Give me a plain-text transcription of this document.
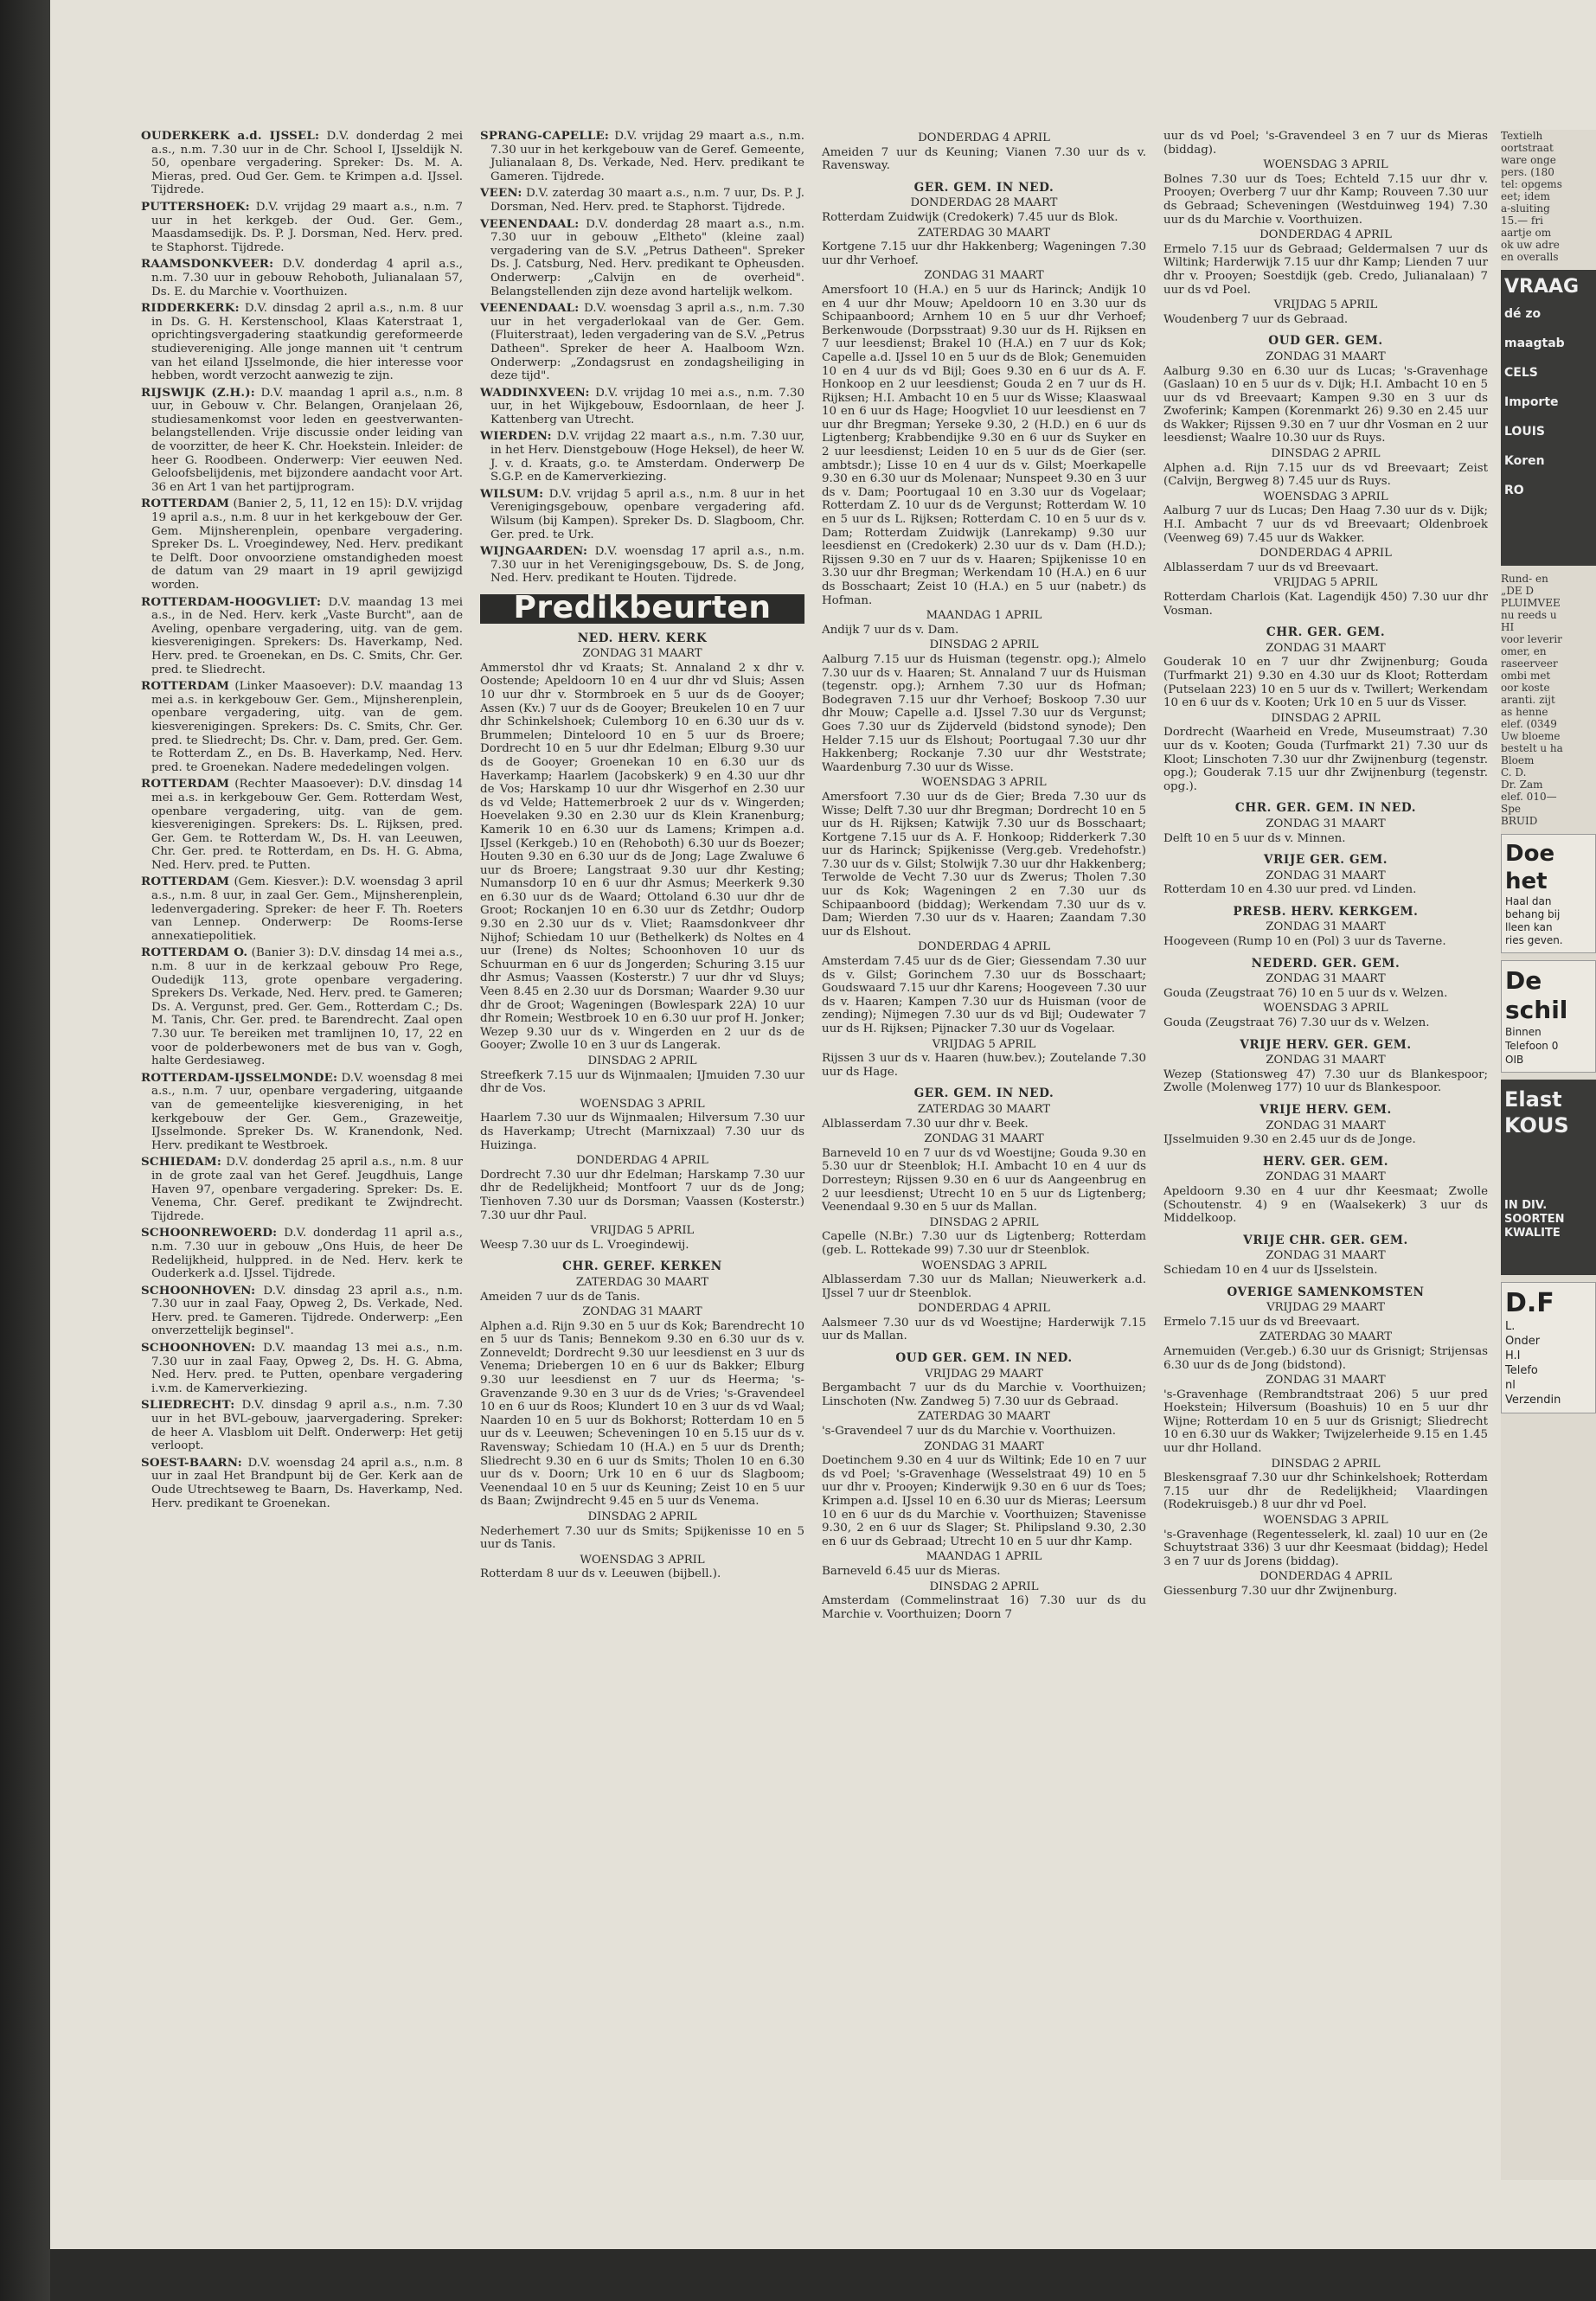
OUDERKERK a.d. IJSSEL: D.V. donderdag 2 mei a.s., n.m. 7.30 uur in de Chr. School I, IJsseldijk N. 50, openbare vergadering. Spreker: Ds. M. A. Mieras, pred. Oud Ger. Gem. te Krimpen a.d. IJssel. Tijdrede.
PUTTERSHOEK: D.V. vrijdag 29 maart a.s., n.m. 7 uur in het kerkgeb. der Oud. Ger. Gem., Maasdamsedijk. Ds. P. J. Dorsman, Ned. Herv. pred. te Staphorst. Tijdrede.
RAAMSDONKVEER: D.V. donderdag 4 april a.s., n.m. 7.30 uur in gebouw Rehoboth, Julianalaan 57, Ds. E. du Marchie v. Voorthuizen.
RIDDERKERK: D.V. dinsdag 2 april a.s., n.m. 8 uur in Ds. G. H. Kerstenschool, Klaas Katerstraat 1, oprichtingsvergadering staatkundig gereformeerde studievereniging. Alle jonge mannen uit 't centrum van het eiland IJsselmonde, die hier interesse voor hebben, wordt verzocht aanwezig te zijn.
RIJSWIJK (Z.H.): D.V. maandag 1 april a.s., n.m. 8 uur, in Gebouw v. Chr. Belangen, Oranjelaan 26, studiesamenkomst voor leden en geestverwanten-belangstellenden. Vrije discussie onder leiding van de voorzitter, de heer K. Chr. Hoekstein. Inleider: de heer G. Roodbeen. Onderwerp: Vier eeuwen Ned. Geloofsbelijdenis, met bijzondere aandacht voor Art. 36 en Art 1 van het partijprogram.
ROTTERDAM (Banier 2, 5, 11, 12 en 15): D.V. vrijdag 19 april a.s., n.m. 8 uur in het kerkgebouw der Ger. Gem. Mijnsherenplein, openbare vergadering. Spreker Ds. L. Vroegindewey, Ned. Herv. predikant te Delft. Door onvoorziene omstandigheden moest de datum van 29 maart in 19 april gewijzigd worden.
ROTTERDAM-HOOGVLIET: D.V. maandag 13 mei a.s., in de Ned. Herv. kerk „Vaste Burcht", aan de Aveling, openbare vergadering, uitg. van de gem. kiesverenigingen. Sprekers: Ds. Haverkamp, Ned. Herv. pred. te Groenekan, en Ds. C. Smits, Chr. Ger. pred. te Sliedrecht.
ROTTERDAM (Linker Maasoever): D.V. maandag 13 mei a.s. in kerkgebouw Ger. Gem., Mijnsherenplein, openbare vergadering, uitg. van de gem. kiesverenigingen. Sprekers: Ds. C. Smits, Chr. Ger. pred. te Sliedrecht; Ds. Chr. v. Dam, pred. Ger. Gem. te Rotterdam Z., en Ds. B. Haverkamp, Ned. Herv. pred. te Groenekan. Nadere mededelingen volgen.
ROTTERDAM (Rechter Maasoever): D.V. dinsdag 14 mei a.s. in kerkgebouw Ger. Gem. Rotterdam West, openbare vergadering, uitg. van de gem. kiesverenigingen. Sprekers: Ds. L. Rijksen, pred. Ger. Gem. te Rotterdam W., Ds. H. van Leeuwen, Chr. Ger. pred. te Rotterdam, en Ds. H. G. Abma, Ned. Herv. pred. te Putten.
ROTTERDAM (Gem. Kiesver.): D.V. woensdag 3 april a.s., n.m. 8 uur, in zaal Ger. Gem., Mijnsherenplein, ledenvergadering. Spreker: de heer F. Th. Roeters van Lennep. Onderwerp: De Rooms-Ierse annexatiepolitiek.
ROTTERDAM O. (Banier 3): D.V. dinsdag 14 mei a.s., n.m. 8 uur in de kerkzaal gebouw Pro Rege, Oudedijk 113, grote openbare vergadering. Sprekers Ds. Verkade, Ned. Herv. pred. te Gameren; Ds. A. Vergunst, pred. Ger. Gem., Rotterdam C.; Ds. M. Tanis, Chr. Ger. pred. te Barendrecht. Zaal open 7.30 uur. Te bereiken met tramlijnen 10, 17, 22 en voor de polderbewoners met de bus van v. Gogh, halte Gerdesiaweg.
ROTTERDAM-IJSSELMONDE: D.V. woensdag 8 mei a.s., n.m. 7 uur, openbare vergadering, uitgaande van de gemeentelijke kiesvereniging, in het kerkgebouw der Ger. Gem., Grazeweitje, IJsselmonde. Spreker Ds. W. Kranendonk, Ned. Herv. predikant te Westbroek.
SCHIEDAM: D.V. donderdag 25 april a.s., n.m. 8 uur in de grote zaal van het Geref. Jeugdhuis, Lange Haven 97, openbare vergadering. Spreker: Ds. E. Venema, Chr. Geref. predikant te Zwijndrecht. Tijdrede.
SCHOONREWOERD: D.V. donderdag 11 april a.s., n.m. 7.30 uur in gebouw „Ons Huis, de heer De Redelijkheid, hulppred. in de Ned. Herv. kerk te Ouderkerk a.d. IJssel. Tijdrede.
SCHOONHOVEN: D.V. dinsdag 23 april a.s., n.m. 7.30 uur in zaal Faay, Opweg 2, Ds. Verkade, Ned. Herv. pred. te Gameren. Tijdrede. Onderwerp: „Een onverzettelijk beginsel".
SCHOONHOVEN: D.V. maandag 13 mei a.s., n.m. 7.30 uur in zaal Faay, Opweg 2, Ds. H. G. Abma, Ned. Herv. pred. te Putten, openbare vergadering i.v.m. de Kamerverkiezing.
SLIEDRECHT: D.V. dinsdag 9 april a.s., n.m. 7.30 uur in het BVL-gebouw, jaarvergadering. Spreker: de heer A. Vlasblom uit Delft. Onderwerp: Het getij verloopt.
SOEST-BAARN: D.V. woensdag 24 april a.s., n.m. 8 uur in zaal Het Brandpunt bij de Ger. Kerk aan de Oude Utrechtseweg te Baarn, Ds. Haverkamp, Ned. Herv. predikant te Groenekan.
SPRANG-CAPELLE: D.V. vrijdag 29 maart a.s., n.m. 7.30 uur in het kerkgebouw van de Geref. Gemeente, Julianalaan 8, Ds. Verkade, Ned. Herv. predikant te Gameren. Tijdrede.
VEEN: D.V. zaterdag 30 maart a.s., n.m. 7 uur, Ds. P. J. Dorsman, Ned. Herv. pred. te Staphorst. Tijdrede.
VEENENDAAL: D.V. donderdag 28 maart a.s., n.m. 7.30 uur in gebouw „Eltheto" (kleine zaal) vergadering van de S.V. „Petrus Datheen". Spreker Ds. J. Catsburg, Ned. Herv. predikant te Opheusden. Onderwerp: „Calvijn en de overheid". Belangstellenden zijn deze avond hartelijk welkom.
VEENENDAAL: D.V. woensdag 3 april a.s., n.m. 7.30 uur in het vergaderlokaal van de Ger. Gem. (Fluiterstraat), leden vergadering van de S.V. „Petrus Datheen". Spreker de heer A. Haalboom Wzn. Onderwerp: „Zondagsrust en zondagsheiliging in deze tijd".
WADDINXVEEN: D.V. vrijdag 10 mei a.s., n.m. 7.30 uur, in het Wijkgebouw, Esdoornlaan, de heer J. Kattenberg van Utrecht.
WIERDEN: D.V. vrijdag 22 maart a.s., n.m. 7.30 uur, in het Herv. Dienstgebouw (Hoge Heksel), de heer W. J. v. d. Kraats, g.o. te Amsterdam. Onderwerp De S.G.P. en de Kamerverkiezing.
WILSUM: D.V. vrijdag 5 april a.s., n.m. 8 uur in het Verenigingsgebouw, openbare vergadering afd. Wilsum (bij Kampen). Spreker Ds. D. Slagboom, Chr. Ger. pred. te Urk.
WIJNGAARDEN: D.V. woensdag 17 april a.s., n.m. 7.30 uur in het Verenigingsgebouw, Ds. S. de Jong, Ned. Herv. predikant te Houten. Tijdrede.
Predikbeurten
NED. HERV. KERK
ZONDAG 31 MAART
Ammerstol dhr vd Kraats; St. Annaland 2 x dhr v. Oostende; Apeldoorn 10 en 4 uur dhr vd Sluis; Assen 10 uur dhr v. Stormbroek en 5 uur ds de Gooyer; Assen (Kv.) 7 uur ds de Gooyer; Breukelen 10 en 7 uur dhr Schinkelshoek; Culemborg 10 en 6.30 uur ds v. Brummelen; Dinteloord 10 en 5 uur ds Broere; Dordrecht 10 en 5 uur dhr Edelman; Elburg 9.30 uur ds de Gooyer; Groenekan 10 en 6.30 uur ds Haverkamp; Haarlem (Jacobskerk) 9 en 4.30 uur dhr de Vos; Harskamp 10 uur dhr Wisgerhof en 2.30 uur ds vd Velde; Hattemerbroek 2 uur ds v. Wingerden; Hoevelaken 9.30 en 2.30 uur ds Klein Kranenburg; Kamerik 10 en 6.30 uur ds Lamens; Krimpen a.d. IJssel (Kerkgeb.) 10 en (Rehoboth) 6.30 uur ds Boezer; Houten 9.30 en 6.30 uur ds de Jong; Lage Zwaluwe 6 uur ds Broere; Langstraat 9.30 uur dhr Kesting; Numansdorp 10 en 6 uur dhr Asmus; Meerkerk 9.30 en 6.30 uur ds de Waard; Ottoland 6.30 uur dhr de Groot; Rockanjen 10 en 6.30 uur ds Zetdhr; Oudorp 9.30 en 2.30 uur ds v. Vliet; Raamsdonkveer dhr Nijhof; Schiedam 10 uur (Bethelkerk) ds Noltes en 4 uur (Irene) ds Noltes; Schoonhoven 10 uur ds Schuurman en 6 uur ds Jongerden; Schuring 3.15 uur dhr Asmus; Vaassen (Kosterstr.) 7 uur dhr vd Sluys; Veen 8.45 en 2.30 uur ds Dorsman; Waarder 9.30 uur dhr de Groot; Wageningen (Bowlespark 22A) 10 uur dhr Romein; Westbroek 10 en 6.30 uur prof H. Jonker; Wezep 9.30 uur ds v. Wingerden en 2 uur ds de Gooyer; Zwolle 10 en 3 uur ds Langerak.
DINSDAG 2 APRIL
Streefkerk 7.15 uur ds Wijnmaalen; IJmuiden 7.30 uur dhr de Vos.
WOENSDAG 3 APRIL
Haarlem 7.30 uur ds Wijnmaalen; Hilversum 7.30 uur ds Haverkamp; Utrecht (Marnixzaal) 7.30 uur ds Huizinga.
DONDERDAG 4 APRIL
Dordrecht 7.30 uur dhr Edelman; Harskamp 7.30 uur dhr de Redelijkheid; Montfoort 7 uur ds de Jong; Tienhoven 7.30 uur ds Dorsman; Vaassen (Kosterstr.) 7.30 uur dhr Paul.
VRIJDAG 5 APRIL
Weesp 7.30 uur ds L. Vroegindewij.
CHR. GEREF. KERKEN
ZATERDAG 30 MAART
Ameiden 7 uur ds de Tanis.
ZONDAG 31 MAART
Alphen a.d. Rijn 9.30 en 5 uur ds Kok; Barendrecht 10 en 5 uur ds Tanis; Bennekom 9.30 en 6.30 uur ds v. Zonneveldt; Dordrecht 9.30 uur leesdienst en 3 uur ds Venema; Driebergen 10 en 6 uur ds Bakker; Elburg 9.30 uur leesdienst en 7 uur ds Heerma; 's-Gravenzande 9.30 en 3 uur ds de Vries; 's-Gravendeel 10 en 6 uur ds Roos; Klundert 10 en 3 uur ds vd Waal; Naarden 10 en 5 uur ds Bokhorst; Rotterdam 10 en 5 uur ds v. Leeuwen; Scheveningen 10 en 5.15 uur ds v. Ravensway; Schiedam 10 (H.A.) en 5 uur ds Drenth; Sliedrecht 9.30 en 6 uur ds Smits; Tholen 10 en 6.30 uur ds v. Doorn; Urk 10 en 6 uur ds Slagboom; Veenendaal 10 en 5 uur ds Keuning; Zeist 10 en 5 uur ds Baan; Zwijndrecht 9.45 en 5 uur ds Venema.
DINSDAG 2 APRIL
Nederhemert 7.30 uur ds Smits; Spijkenisse 10 en 5 uur ds Tanis.
WOENSDAG 3 APRIL
Rotterdam 8 uur ds v. Leeuwen (bijbell.).
DONDERDAG 4 APRIL
Ameiden 7 uur ds Keuning; Vianen 7.30 uur ds v. Ravensway.
GER. GEM. IN NED.
DONDERDAG 28 MAART
Rotterdam Zuidwijk (Credokerk) 7.45 uur ds Blok.
ZATERDAG 30 MAART
Kortgene 7.15 uur dhr Hakkenberg; Wageningen 7.30 uur dhr Verhoef.
ZONDAG 31 MAART
Amersfoort 10 (H.A.) en 5 uur ds Harinck; Andijk 10 en 4 uur dhr Mouw; Apeldoorn 10 en 3.30 uur ds Schipaanboord; Arnhem 10 en 5 uur dhr Verhoef; Berkenwoude (Dorpsstraat) 9.30 uur ds H. Rijksen en 7 uur leesdienst; Brakel 10 (H.A.) en 7 uur ds Kok; Capelle a.d. IJssel 10 en 5 uur ds de Blok; Genemuiden 10 en 4 uur ds vd Bijl; Goes 9.30 en 6 uur ds A. F. Honkoop en 2 uur leesdienst; Gouda 2 en 7 uur ds H. Rijksen; H.I. Ambacht 10 en 5 uur ds Wisse; Klaaswaal 10 en 6 uur ds Hage; Hoogvliet 10 uur leesdienst en 7 uur dhr Bregman; Yerseke 9.30, 2 (H.D.) en 6 uur ds Ligtenberg; Krabbendijke 9.30 en 6 uur ds Suyker en 2 uur leesdienst; Leiden 10 en 5 uur ds de Gier (ser. ambtsdr.); Lisse 10 en 4 uur ds v. Gilst; Moerkapelle 9.30 en 6.30 uur ds Molenaar; Nunspeet 9.30 en 3 uur ds v. Dam; Poortugaal 10 en 3.30 uur ds Vogelaar; Rotterdam Z. 10 uur ds de Vergunst; Rotterdam W. 10 en 5 uur ds L. Rijksen; Rotterdam C. 10 en 5 uur ds v. Dam; Rotterdam Zuidwijk (Lanrekamp) 9.30 uur leesdienst en (Credokerk) 2.30 uur ds v. Dam (H.D.); Rijssen 9.30 en 7 uur ds v. Haaren; Spijkenisse 10 en 3.30 uur dhr Bregman; Werkendam 10 (H.A.) en 6 uur ds Bosschaart; Zeist 10 (H.A.) en 5 uur (nabetr.) ds Hofman.
MAANDAG 1 APRIL
Andijk 7 uur ds v. Dam.
DINSDAG 2 APRIL
Aalburg 7.15 uur ds Huisman (tegenstr. opg.); Almelo 7.30 uur ds v. Haaren; St. Annaland 7 uur ds Huisman (tegenstr. opg.); Arnhem 7.30 uur ds Hofman; Bodegraven 7.15 uur dhr Verhoef; Boskoop 7.30 uur dhr Mouw; Capelle a.d. IJssel 7.30 uur ds Vergunst; Goes 7.30 uur ds Zijderveld (bidstond synode); Den Helder 7.15 uur ds Elshout; Poortugaal 7.30 uur dhr Hakkenberg; Rockanje 7.30 uur dhr Weststrate; Waardenburg 7.30 uur ds Wisse.
WOENSDAG 3 APRIL
Amersfoort 7.30 uur ds de Gier; Breda 7.30 uur ds Wisse; Delft 7.30 uur dhr Bregman; Dordrecht 10 en 5 uur ds H. Rijksen; Katwijk 7.30 uur ds Bosschaart; Kortgene 7.15 uur ds A. F. Honkoop; Ridderkerk 7.30 uur ds Harinck; Spijkenisse (Verg.geb. Vredehofstr.) 7.30 uur ds v. Gilst; Stolwijk 7.30 uur dhr Hakkenberg; Terwolde de Vecht 7.30 uur ds Zwerus; Tholen 7.30 uur ds Kok; Wageningen 2 en 7.30 uur ds Schipaanboord (biddag); Werkendam 7.30 uur ds v. Dam; Wierden 7.30 uur ds v. Haaren; Zaandam 7.30 uur ds Elshout.
DONDERDAG 4 APRIL
Amsterdam 7.45 uur ds de Gier; Giessendam 7.30 uur ds v. Gilst; Gorinchem 7.30 uur ds Bosschaart; Goudswaard 7.15 uur dhr Karens; Hoogeveen 7.30 uur ds v. Haaren; Kampen 7.30 uur ds Huisman (voor de zending); Nijmegen 7.30 uur ds vd Bijl; Oudewater 7 uur ds H. Rijksen; Pijnacker 7.30 uur ds Vogelaar.
VRIJDAG 5 APRIL
Rijssen 3 uur ds v. Haaren (huw.bev.); Zoutelande 7.30 uur ds Hage.
GER. GEM. IN NED.
ZATERDAG 30 MAART
Alblasserdam 7.30 uur dhr v. Beek.
ZONDAG 31 MAART
Barneveld 10 en 7 uur ds vd Woestijne; Gouda 9.30 en 5.30 uur dr Steenblok; H.I. Ambacht 10 en 4 uur ds Dorresteyn; Rijssen 9.30 en 6 uur ds Aangeenbrug en 2 uur leesdienst; Utrecht 10 en 5 uur ds Ligtenberg; Veenendaal 9.30 en 5 uur ds Mallan.
DINSDAG 2 APRIL
Capelle (N.Br.) 7.30 uur ds Ligtenberg; Rotterdam (geb. L. Rottekade 99) 7.30 uur dr Steenblok.
WOENSDAG 3 APRIL
Alblasserdam 7.30 uur ds Mallan; Nieuwerkerk a.d. IJssel 7 uur dr Steenblok.
DONDERDAG 4 APRIL
Aalsmeer 7.30 uur ds vd Woestijne; Harderwijk 7.15 uur ds Mallan.
OUD GER. GEM. IN NED.
VRIJDAG 29 MAART
Bergambacht 7 uur ds du Marchie v. Voorthuizen; Linschoten (Nw. Zandweg 5) 7.30 uur ds Gebraad.
ZATERDAG 30 MAART
's-Gravendeel 7 uur ds du Marchie v. Voorthuizen.
ZONDAG 31 MAART
Doetinchem 9.30 en 4 uur ds Wiltink; Ede 10 en 7 uur ds vd Poel; 's-Gravenhage (Wesselstraat 49) 10 en 5 uur dhr v. Prooyen; Kinderwijk 9.30 en 6 uur ds Toes; Krimpen a.d. IJssel 10 en 6.30 uur ds Mieras; Leersum 10 en 6 uur ds du Marchie v. Voorthuizen; Stavenisse 9.30, 2 en 6 uur ds Slager; St. Philipsland 9.30, 2.30 en 6 uur ds Gebraad; Utrecht 10 en 5 uur dhr Kamp.
MAANDAG 1 APRIL
Barneveld 6.45 uur ds Mieras.
DINSDAG 2 APRIL
Amsterdam (Commelinstraat 16) 7.30 uur ds du Marchie v. Voorthuizen; Doorn 7
uur ds vd Poel; 's-Gravendeel 3 en 7 uur ds Mieras (biddag).
WOENSDAG 3 APRIL
Bolnes 7.30 uur ds Toes; Echteld 7.15 uur dhr v. Prooyen; Overberg 7 uur dhr Kamp; Rouveen 7.30 uur ds Gebraad; Scheveningen (Westduinweg 194) 7.30 uur ds du Marchie v. Voorthuizen.
DONDERDAG 4 APRIL
Ermelo 7.15 uur ds Gebraad; Geldermalsen 7 uur ds Wiltink; Harderwijk 7.15 uur dhr Kamp; Lienden 7 uur dhr v. Prooyen; Soestdijk (geb. Credo, Julianalaan) 7 uur ds vd Poel.
VRIJDAG 5 APRIL
Woudenberg 7 uur ds Gebraad.
OUD GER. GEM.
ZONDAG 31 MAART
Aalburg 9.30 en 6.30 uur ds Lucas; 's-Gravenhage (Gaslaan) 10 en 5 uur ds v. Dijk; H.I. Ambacht 10 en 5 uur ds vd Breevaart; Kampen 9.30 en 3 uur ds Zwoferink; Kampen (Korenmarkt 26) 9.30 en 2.45 uur ds Wakker; Rijssen 9.30 en 7 uur dhr Vosman en 2 uur leesdienst; Waalre 10.30 uur ds Ruys.
DINSDAG 2 APRIL
Alphen a.d. Rijn 7.15 uur ds vd Breevaart; Zeist (Calvijn, Bergweg 8) 7.45 uur ds Ruys.
WOENSDAG 3 APRIL
Aalburg 7 uur ds Lucas; Den Haag 7.30 uur ds v. Dijk; H.I. Ambacht 7 uur ds vd Breevaart; Oldenbroek (Veenweg 69) 7.45 uur ds Wakker.
DONDERDAG 4 APRIL
Alblasserdam 7 uur ds vd Breevaart.
VRIJDAG 5 APRIL
Rotterdam Charlois (Kat. Lagendijk 450) 7.30 uur dhr Vosman.
CHR. GER. GEM.
ZONDAG 31 MAART
Gouderak 10 en 7 uur dhr Zwijnenburg; Gouda (Turfmarkt 21) 9.30 en 4.30 uur ds Kloot; Rotterdam (Putselaan 223) 10 en 5 uur ds v. Twillert; Werkendam 10 en 6 uur ds v. Kooten; Urk 10 en 5 uur ds Visser.
DINSDAG 2 APRIL
Dordrecht (Waarheid en Vrede, Museumstraat) 7.30 uur ds v. Kooten; Gouda (Turfmarkt 21) 7.30 uur ds Kloot; Linschoten 7.30 uur dhr Zwijnenburg (tegenstr. opg.); Gouderak 7.15 uur dhr Zwijnenburg (tegenstr. opg.).
CHR. GER. GEM. IN NED.
ZONDAG 31 MAART
Delft 10 en 5 uur ds v. Minnen.
VRIJE GER. GEM.
ZONDAG 31 MAART
Rotterdam 10 en 4.30 uur pred. vd Linden.
PRESB. HERV. KERKGEM.
ZONDAG 31 MAART
Hoogeveen (Rump 10 en (Pol) 3 uur ds Taverne.
NEDERD. GER. GEM.
ZONDAG 31 MAART
Gouda (Zeugstraat 76) 10 en 5 uur ds v. Welzen.
WOENSDAG 3 APRIL
Gouda (Zeugstraat 76) 7.30 uur ds v. Welzen.
VRIJE HERV. GER. GEM.
ZONDAG 31 MAART
Wezep (Stationsweg 47) 7.30 uur ds Blankespoor; Zwolle (Molenweg 177) 10 uur ds Blankespoor.
VRIJE HERV. GEM.
ZONDAG 31 MAART
IJsselmuiden 9.30 en 2.45 uur ds de Jonge.
HERV. GER. GEM.
ZONDAG 31 MAART
Apeldoorn 9.30 en 4 uur dhr Keesmaat; Zwolle (Schoutenstr. 4) 9 en (Waalsekerk) 3 uur ds Middelkoop.
VRIJE CHR. GER. GEM.
ZONDAG 31 MAART
Schiedam 10 en 4 uur ds IJsselstein.
OVERIGE SAMENKOMSTEN
VRIJDAG 29 MAART
Ermelo 7.15 uur ds vd Breevaart.
ZATERDAG 30 MAART
Arnemuiden (Ver.geb.) 6.30 uur ds Grisnigt; Strijensas 6.30 uur ds de Jong (bidstond).
ZONDAG 31 MAART
's-Gravenhage (Rembrandtstraat 206) 5 uur pred Hoekstein; Hilversum (Boashuis) 10 en 5 uur dhr Wijne; Rotterdam 10 en 5 uur ds Grisnigt; Sliedrecht 10 en 6.30 uur ds Wakker; Twijzelerheide 9.15 en 1.45 uur dhr Holland.
DINSDAG 2 APRIL
Bleskensgraaf 7.30 uur dhr Schinkelshoek; Rotterdam 7.15 uur dhr de Redelijkheid; Vlaardingen (Rodekruisgeb.) 8 uur dhr vd Poel.
WOENSDAG 3 APRIL
's-Gravenhage (Regentesselerk, kl. zaal) 10 uur en (2e Schuytstraat 336) 3 uur dhr Keesmaat (biddag); Hedel 3 en 7 uur ds Jorens (biddag).
DONDERDAG 4 APRIL
Giessenburg 7.30 uur dhr Zwijnenburg.
Textielh
oortstraat
ware onge
pers. (180
tel: opgems
eet; idem
a-sluiting
15.— fri
aartje om
ok uw adre
en overalls
VRAAG
dé zo
maagtab
CELS
Importe
LOUIS
Koren
RO
Rund- en
„DE D
PLUIMVEE
nu reeds u
HI
voor leverir
omer, en
raseerveer
ombi met
oor koste
aranti. zijt
as henne
elef. (0349
Uw bloeme
bestelt u ha
Bloem
C. D.
Dr. Zam
elef. 010—
Spe
BRUID
Doe
het
Haal dan
behang bij
lleen kan
ries geven.
De
schil
Binnen
Telefoon 0
OIB
Elast
KOUS
IN DIV.
SOORTEN
KWALITE
D.F
L.
Onder
H.I
Telefo
nl
Verzendin
